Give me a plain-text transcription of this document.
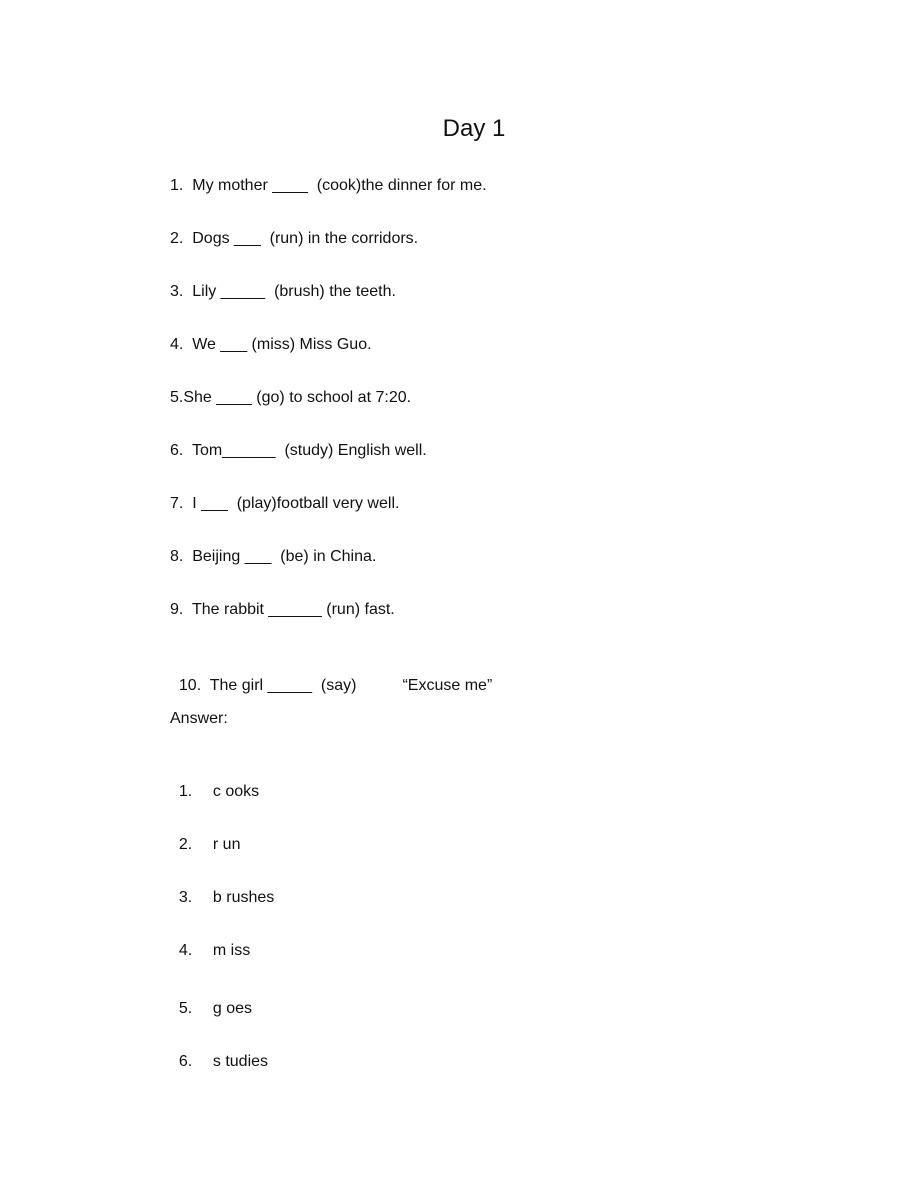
Day 1
1.  My mother ____  (cook)the dinner for me.
2.  Dogs ___  (run) in the corridors.
3.  Lily _____  (brush) the teeth.
4.  We ___ (miss) Miss Guo.
5.She ____ (go) to school at 7:20.
6.  Tom______  (study) English well.
7.  I ___  (play)football very well.
8.  Beijing ___  (be) in China.
9.  The rabbit ______ (run) fast.

10.  The girl _____  (say)	“Excuse me”

Answer:

1. c ooks

2. r un

3. b rushes

4. m iss

5. g oes

6. s tudies
